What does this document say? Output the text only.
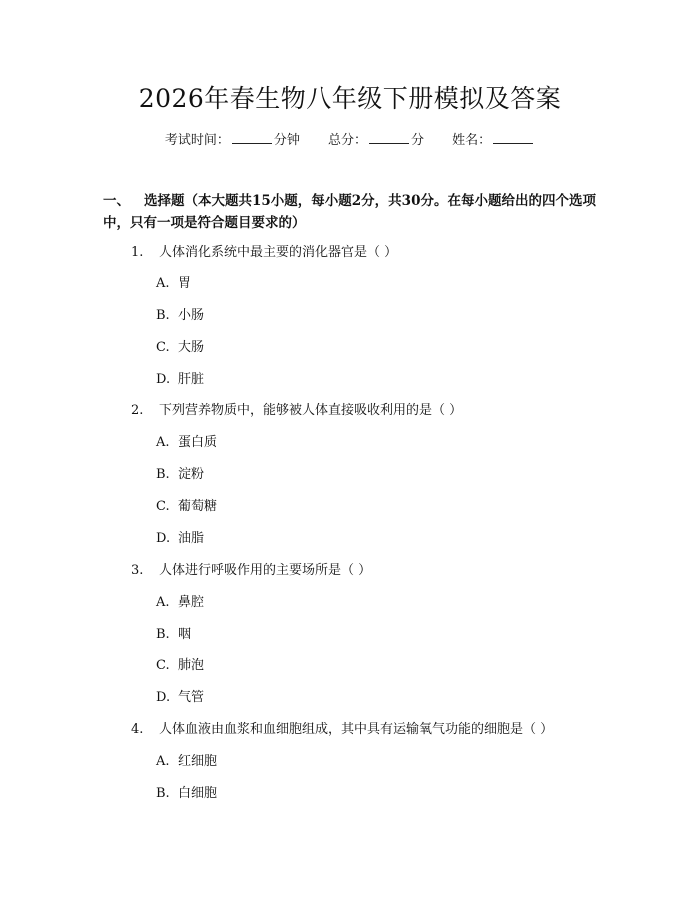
2026年春生物八年级下册模拟及答案
考试时间：	分钟 总分：	分 姓名：
一、 选择题（本大题共15小题，每小题2分，共30分。在每小题给出的四个选项中，只有一项是符合题目要求的）
1. 人体消化系统中最主要的消化器官是（ ）
A. 胃
B. 小肠
C. 大肠
D. 肝脏
2. 下列营养物质中，能够被人体直接吸收利用的是（ ）
A. 蛋白质
B. 淀粉
C. 葡萄糖
D. 油脂
3. 人体进行呼吸作用的主要场所是（ ）
A. 鼻腔
B. 咽
C. 肺泡
D. 气管
4. 人体血液由血浆和血细胞组成，其中具有运输氧气功能的细胞是（ ）
A. 红细胞
B. 白细胞
